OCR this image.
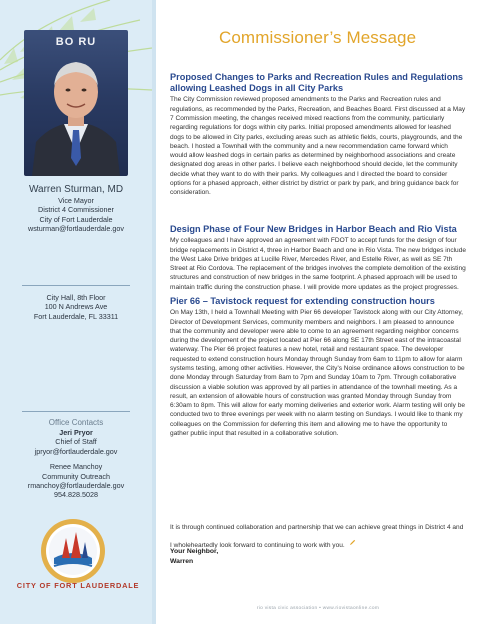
BO RU
Warren Sturman, MD
Vice Mayor
District 4 Commissioner
City of Fort Lauderdale
wsturman@fortlauderdale.gov
City Hall, 8th Floor
100 N Andrews Ave
Fort Lauderdale, FL 33311
Office Contacts
Jeri Pryor
Chief of Staff
jpryor@fortlauderdale.gov
Renee Manchoy
Community Outreach
rmanchoy@fortlauderdale.gov
954.828.5028
CITY OF FORT LAUDERDALE
Commissioner’s Message
Proposed Changes to Parks and Recreation Rules and Regulations allowing Leashed Dogs in all City Parks
The City Commission reviewed proposed amendments to the Parks and Recreation rules and regulations, as recommended by the Parks, Recreation, and Beaches Board. First discussed at a May 7 Commission meeting, the changes received mixed reactions from the community, particularly regarding regulations for dogs within city parks. Initial proposed amendments allowed for leashed dogs to be allowed in City parks, excluding areas such as athletic fields, courts, playgrounds, and the beach. I hosted a Townhall with the community and a new recommendation came forward which would allow leashed dogs in certain parks as determined by neighborhood associations and create designated dog areas in other parks. I believe each neighborhood should decide, let the community decide what they want to do with their parks. My colleagues and I directed the board to consider options for a phased approach, either district by district or park by park, and bring guidance back for consideration.
Design Phase of Four New Bridges in Harbor Beach and Rio Vista
My colleagues and I have approved an agreement with FDOT to accept funds for the design of four bridge replacements in District 4, three in Harbor Beach and one in Rio Vista. The new bridges include the West Lake Drive bridges at Lucille River, Mercedes River, and Estelle River, as well as SE 7th Street at Rio Cordova. The replacement of the bridges involves the complete demolition of the existing structures and construction of new bridges in the same footprint. A phased approach will be used to maintain traffic during the construction phase. I will provide more updates as the project progresses.
Pier 66 – Tavistock request for extending construction hours
On May 13th, I held a Townhall Meeting with Pier 66 developer Tavistock along with our City Attorney, Director of Development Services, community members and neighbors. I am pleased to announce that the community and developer were able to come to an agreement regarding neighbor concerns during the development of the project located at Pier 66 along SE 17th Street east of the intracoastal waterway. The Pier 66 project features a new hotel, retail and restaurant space. The developer requested to extend construction hours Monday through Sunday from 6am to 11pm to allow for alarm systems testing, among other activities. However, the City’s Noise ordinance allows construction to be done Monday through Saturday from 8am to 7pm and Sunday 10am to 7pm. Through collaborative discussion a viable solution was approved by all parties in attendance of the townhall meeting. As a result, an extension of allowable hours of construction was granted Monday through Sunday from 6:30am to 8pm. This will allow for early morning deliveries and exterior work. Alarm testing will only be conducted two to three evenings per week with no alarm testing on Sundays. I would like to thank my colleagues on the Commission for deferring this item and allowing me to have the opportunity to gather public input that resulted in a collaborative solution.
It is through continued collaboration and partnership that we can achieve great things in District 4 and I wholeheartedly look forward to continuing to work with you.
Your Neighbor,
Warren
rio vista civic association • www.riovistaonline.com
